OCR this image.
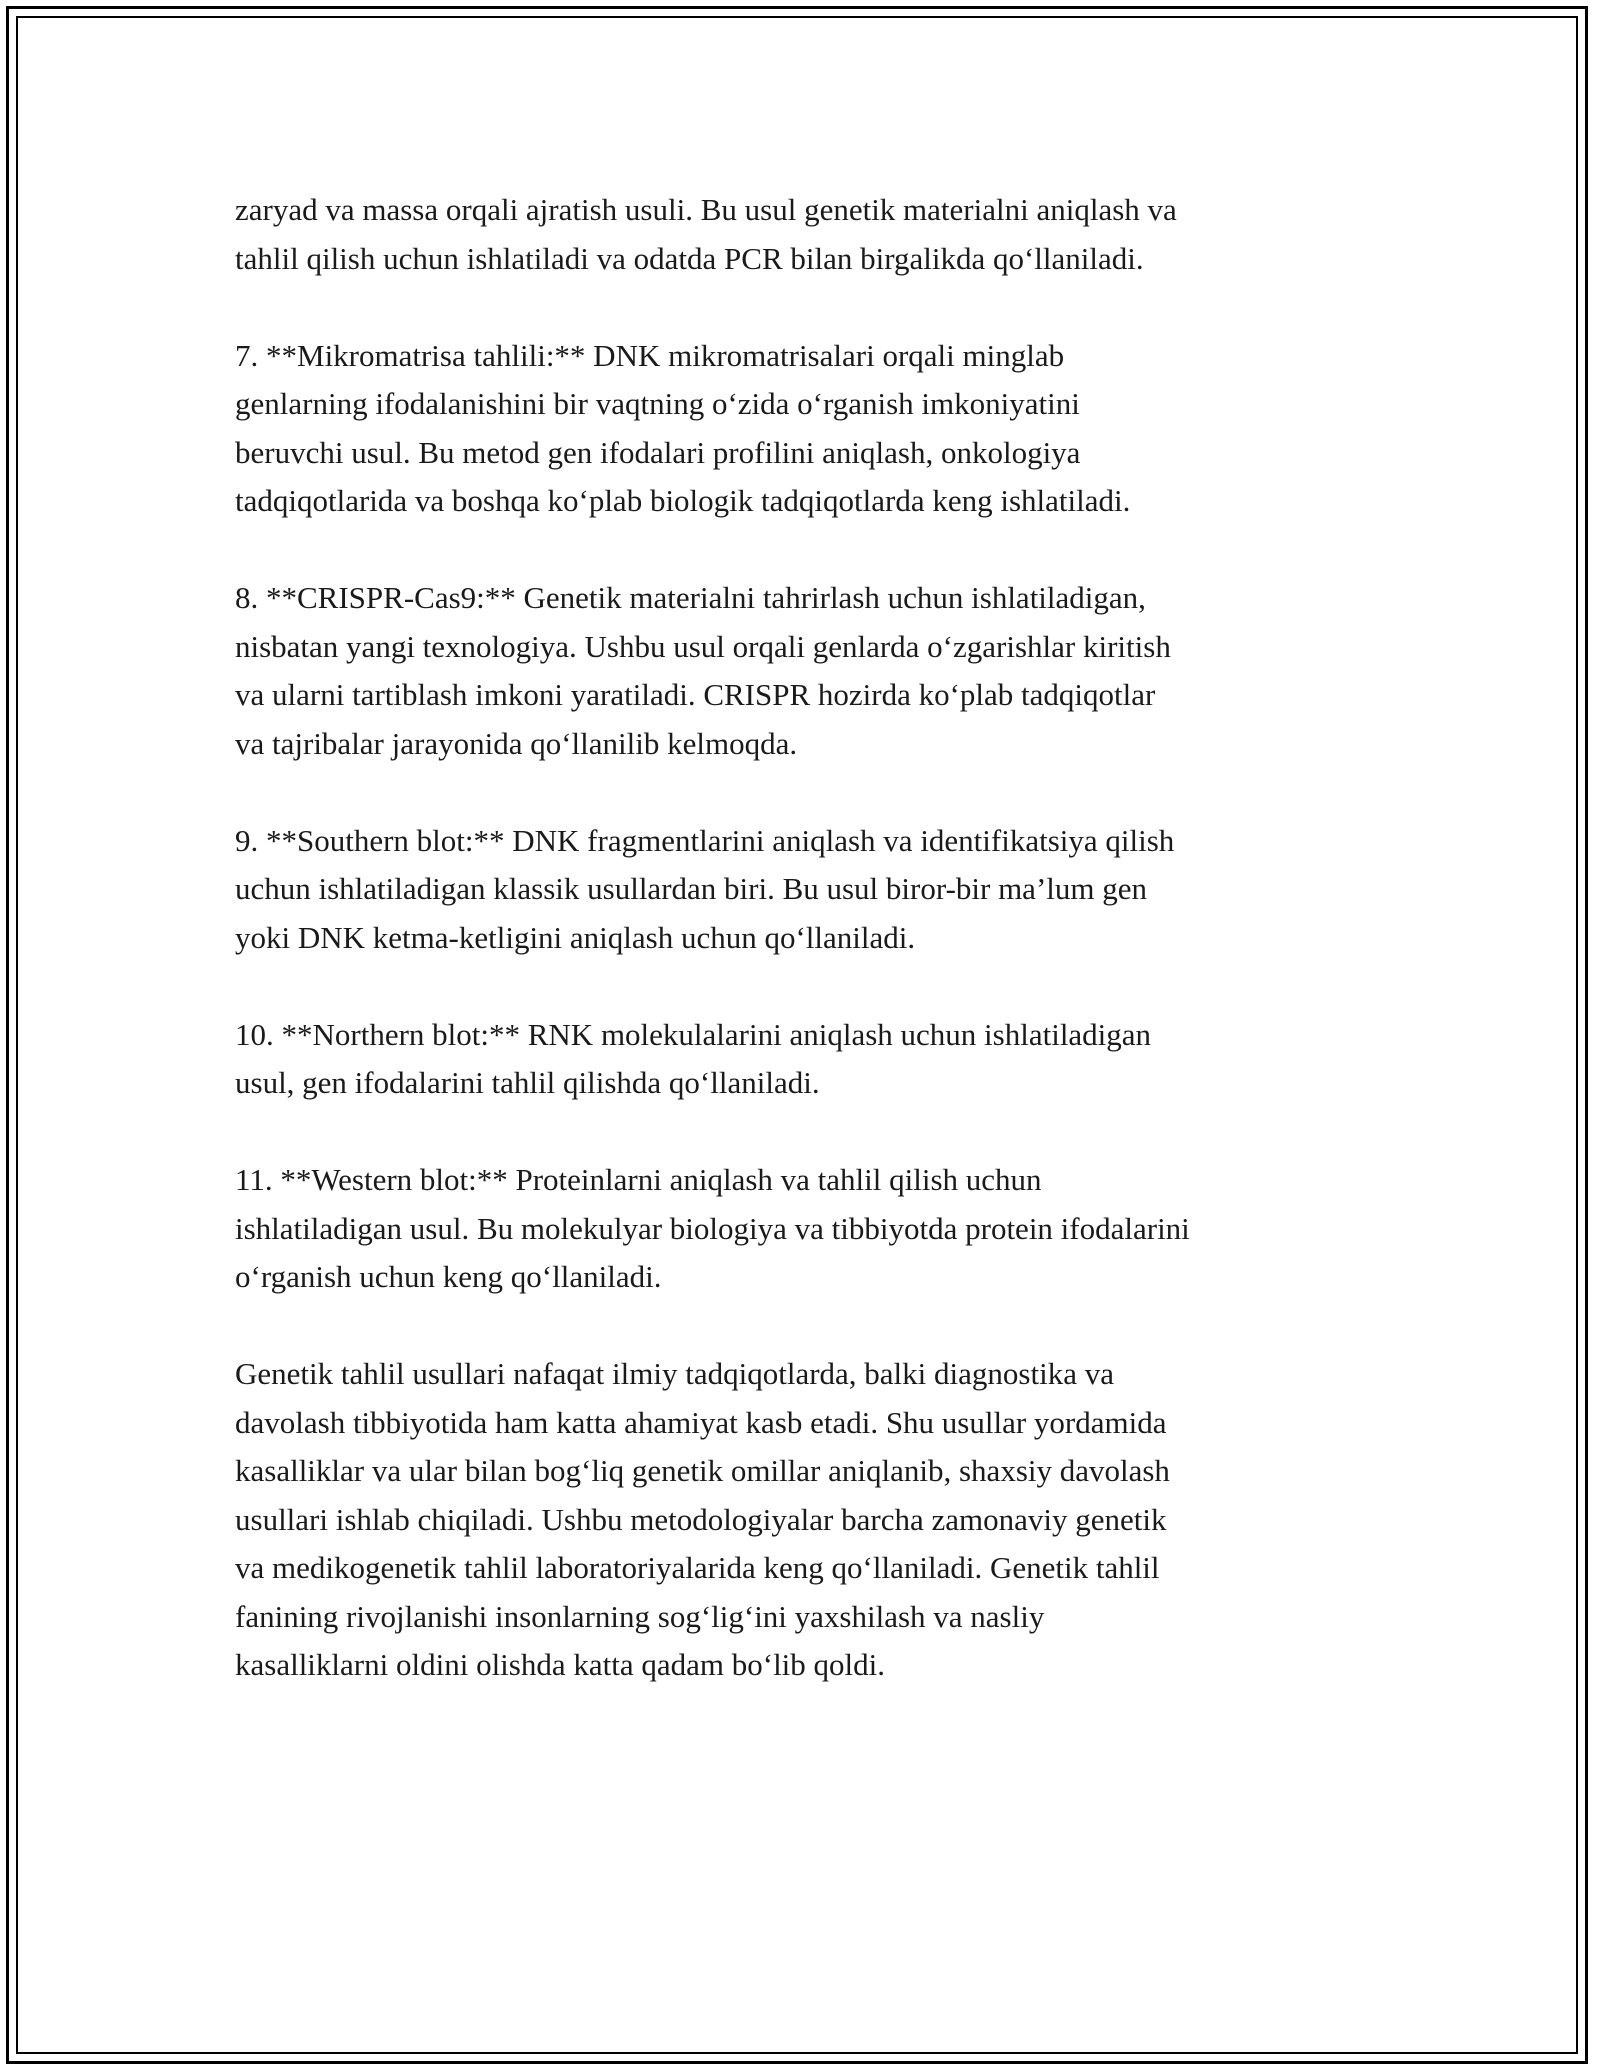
zaryad va massa orqali ajratish usuli. Bu usul genetik materialni aniqlash va
tahlil qilish uchun ishlatiladi va odatda PCR bilan birgalikda qo‘llaniladi.

7. **Mikromatrisa tahlili:** DNK mikromatrisalari orqali minglab
genlarning ifodalanishini bir vaqtning o‘zida o‘rganish imkoniyatini
beruvchi usul. Bu metod gen ifodalari profilini aniqlash, onkologiya
tadqiqotlarida va boshqa ko‘plab biologik tadqiqotlarda keng ishlatiladi.

8. **CRISPR-Cas9:** Genetik materialni tahrirlash uchun ishlatiladigan,
nisbatan yangi texnologiya. Ushbu usul orqali genlarda o‘zgarishlar kiritish
va ularni tartiblash imkoni yaratiladi. CRISPR hozirda ko‘plab tadqiqotlar
va tajribalar jarayonida qo‘llanilib kelmoqda.

9. **Southern blot:** DNK fragmentlarini aniqlash va identifikatsiya qilish
uchun ishlatiladigan klassik usullardan biri. Bu usul biror-bir ma’lum gen
yoki DNK ketma-ketligini aniqlash uchun qo‘llaniladi.

10. **Northern blot:** RNK molekulalarini aniqlash uchun ishlatiladigan
usul, gen ifodalarini tahlil qilishda qo‘llaniladi.

11. **Western blot:** Proteinlarni aniqlash va tahlil qilish uchun
ishlatiladigan usul. Bu molekulyar biologiya va tibbiyotda protein ifodalarini
o‘rganish uchun keng qo‘llaniladi.

Genetik tahlil usullari nafaqat ilmiy tadqiqotlarda, balki diagnostika va
davolash tibbiyotida ham katta ahamiyat kasb etadi. Shu usullar yordamida
kasalliklar va ular bilan bog‘liq genetik omillar aniqlanib, shaxsiy davolash
usullari ishlab chiqiladi. Ushbu metodologiyalar barcha zamonaviy genetik
va medikogenetik tahlil laboratoriyalarida keng qo‘llaniladi. Genetik tahlil
fanining rivojlanishi insonlarning sog‘lig‘ini yaxshilash va nasliy
kasalliklarni oldini olishda katta qadam bo‘lib qoldi.
